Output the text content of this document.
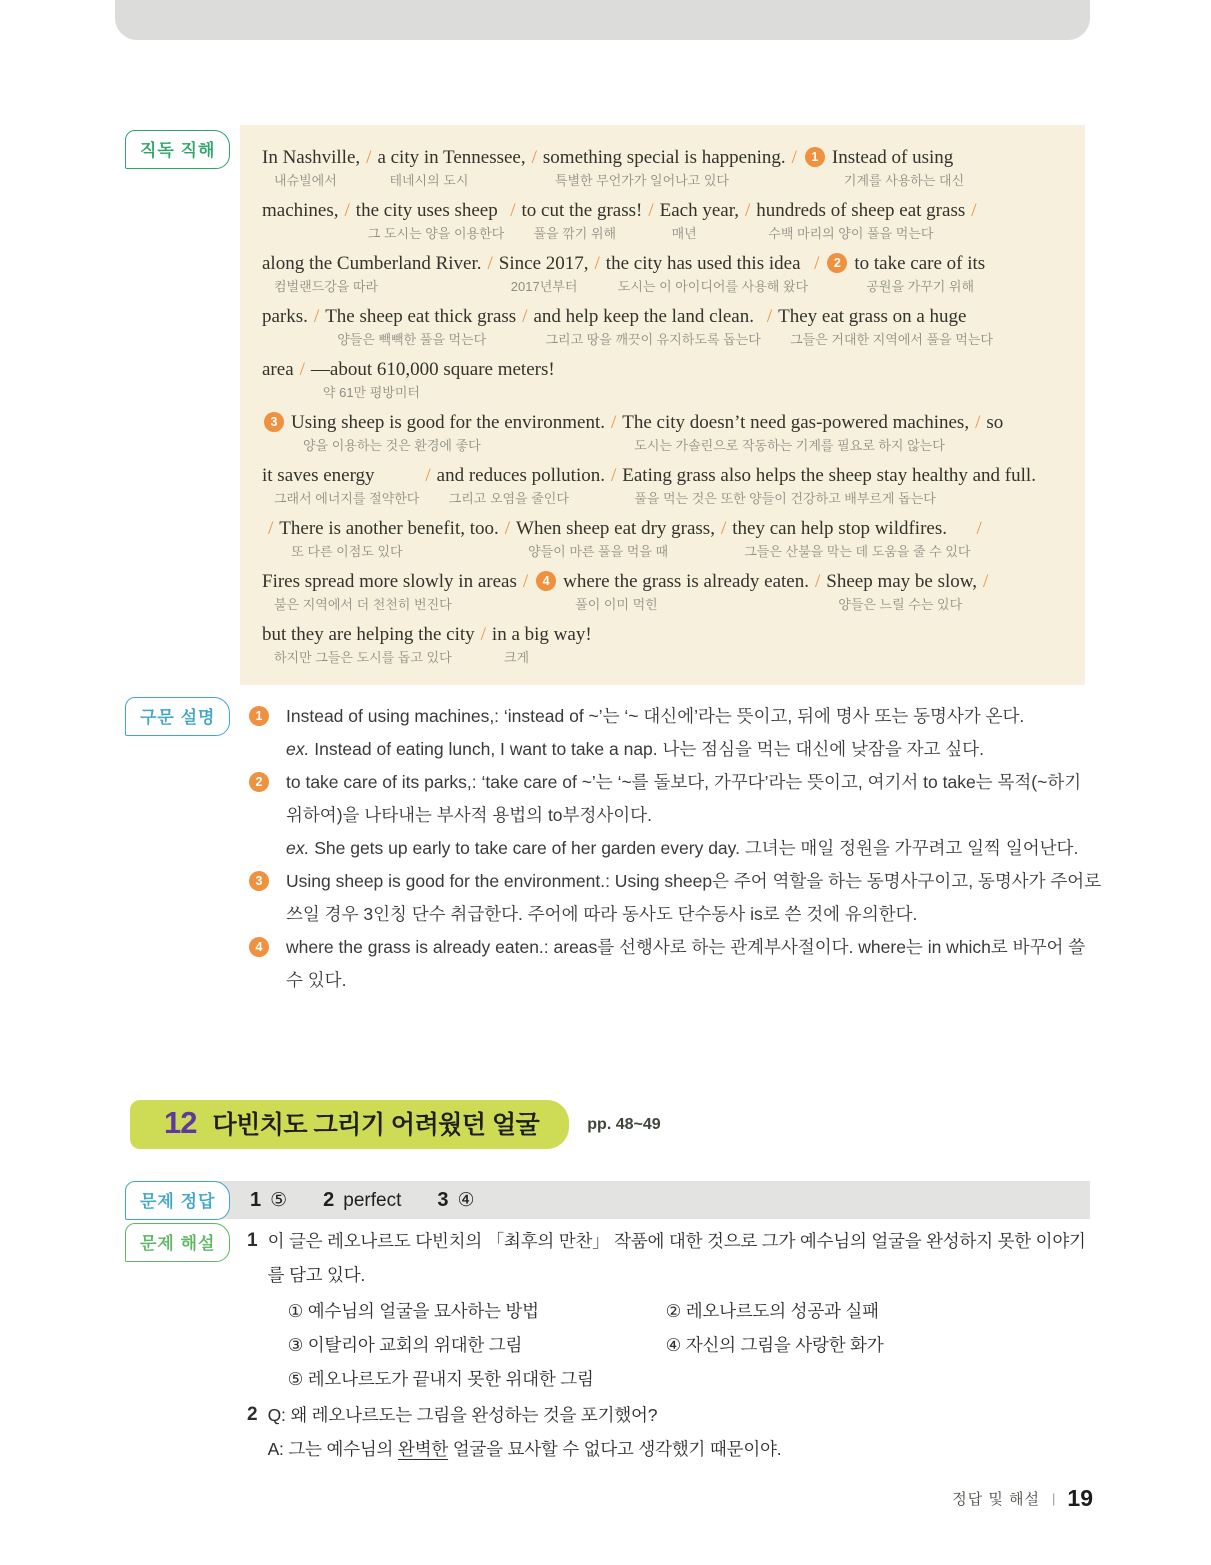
직독 직해	In Nashville,
내슈빌에서
/ a city in Tennessee,
테네시의 도시
/ something special is happening.
특별한 무언가가 일어나고 있다
/	1 Instead of using
기계를 사용하는 대신
machines, / the city uses sheep
그 도시는 양을 이용한다
/ to cut the grass!
풀을 깎기 위해
/ Each year,
매년
/ hundreds of sheep eat grass
수백 마리의 양이 풀을 먹는다
/
along the Cumberland River.
컴벌랜드강을 따라
/ Since 2017,
2017년부터
/ the city has used this idea
도시는 이 아이디어를 사용해 왔다
/	2 to take care of its
공원을 가꾸기 위해
parks. / The sheep eat thick grass
양들은 빽빽한 풀을 먹는다
/ and help keep the land clean.
그리고 땅을 깨끗이 유지하도록 돕는다
/ They eat grass on a huge
그들은 거대한 지역에서 풀을 먹는다
area / —about 610,000 square meters!
약 61만 평방미터
3 Using sheep is good for the environment.
양을 이용하는 것은 환경에 좋다
/ The city doesn’t need gas-powered machines,
도시는 가솔린으로 작동하는 기계를 필요로 하지 않는다
/ so
it saves energy
그래서 에너지를 절약한다
/ and reduces pollution.
그리고 오염을 줄인다
/ Eating grass also helps the sheep stay healthy and full.
풀을 먹는 것은 또한 양들이 건강하고 배부르게 돕는다
/ There is another benefit, too.
또 다른 이점도 있다
/ When sheep eat dry grass,
양들이 마른 풀을 먹을 때
/ they can help stop wildfires.
그들은 산불을 막는 데 도움을 줄 수 있다
/
Fires spread more slowly in areas
불은 지역에서 더 천천히 번진다
/	4 where the grass is already eaten.
풀이 이미 먹힌
/ Sheep may be slow,
양들은 느릴 수는 있다
/
but they are helping the city
하지만 그들은 도시를 돕고 있다
/ in a big way!
크게
구문 설명	1	Instead of using machines,: ‘instead of ~’는 ‘~ 대신에’라는 뜻이고, 뒤에 명사 또는 동명사가 온다.
ex. Instead of eating lunch, I want to take a nap. 나는 점심을 먹는 대신에 낮잠을 자고 싶다.
2	to take care of its parks,: ‘take care of ~’는 ‘~를 돌보다, 가꾸다’라는 뜻이고, 여기서 to take는 목적(~하기 위하여)을 나타내는 부사적 용법의 to부정사이다.
ex. She gets up early to take care of her garden every day. 그녀는 매일 정원을 가꾸려고 일찍 일어난다.
3	Using sheep is good for the environment.: Using sheep은 주어 역할을 하는 동명사구이고, 동명사가 주어로 쓰일 경우 3인칭 단수 취급한다. 주어에 따라 동사도 단수동사 is로 쓴 것에 유의한다.
4	where the grass is already eaten.: areas를 선행사로 하는 관계부사절이다. where는 in which로 바꾸어 쓸 수 있다.
12 다빈치도 그리기 어려웠던 얼굴	pp. 48~49
문제 정답	1 ⑤ 2 perfect 3 ④
문제 해설	1 이 글은 레오나르도 다빈치의 「최후의 만찬」 작품에 대한 것으로 그가 예수님의 얼굴을 완성하지 못한 이야기를 담고 있다.
① 예수님의 얼굴을 묘사하는 방법	② 레오나르도의 성공과 실패
③ 이탈리아 교회의 위대한 그림	④ 자신의 그림을 사랑한 화가
⑤ 레오나르도가 끝내지 못한 위대한 그림
2 Q: 왜 레오나르도는 그림을 완성하는 것을 포기했어?
A: 그는 예수님의 완벽한 얼굴을 묘사할 수 없다고 생각했기 때문이야.
정답 및 해설 | 19
